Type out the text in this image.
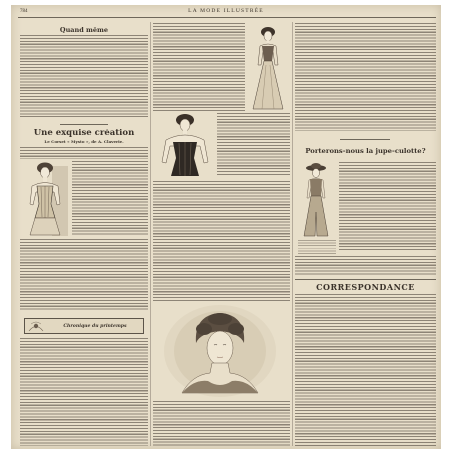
784	LA MODE ILLUSTRÉE
Quand même
Une exquise création
Le Corset « Mysto », de A. Claverie.
Chronique du printemps
Porterons-nous la jupe-culotte?
CORRESPONDANCE
